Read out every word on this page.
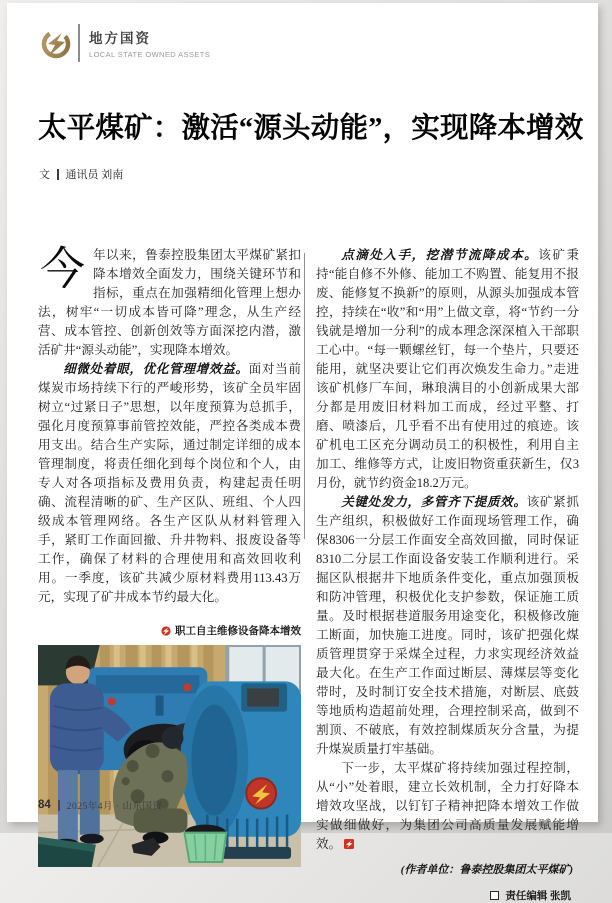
地方国资
LOCAL STATE OWNED ASSETS
太平煤矿：激活“源头动能”，实现降本增效
文 通讯员 刘南

今年以来，鲁泰控股集团太平煤矿紧扣降本增效全面发力，围绕关键环节和指标，重点在加强精细化管理上想办法，树牢“一切成本皆可降”理念，从生产经营、成本管控、创新创效等方面深挖内潜，激活矿井“源头动能”，实现降本增效。

细微处着眼，优化管理增效益。面对当前煤炭市场持续下行的严峻形势，该矿全员牢固树立“过紧日子”思想，以年度预算为总抓手，强化月度预算事前管控效能，严控各类成本费用支出。结合生产实际，通过制定详细的成本管理制度，将责任细化到每个岗位和个人，由专人对各项指标及费用负责，构建起责任明确、流程清晰的矿、生产区队、班组、个人四级成本管理网络。各生产区队从材料管理入手，紧盯工作面回撤、升井物料、报废设备等工作，确保了材料的合理使用和高效回收利用。一季度，该矿共减少原材料费用113.43万元，实现了矿井成本节约最大化。

职工自主维修设备降本增效

点滴处入手，挖潜节流降成本。该矿秉持“能自修不外修、能加工不购置、能复用不报废、能修复不换新”的原则，从源头加强成本管控，持续在“收”和“用”上做文章，将“节约一分钱就是增加一分利”的成本理念深深植入干部职工心中。“每一颗螺丝钉，每一个垫片，只要还能用，就坚决要让它们再次焕发生命力。”走进该矿机修厂车间，琳琅满目的小创新成果大部分都是用废旧材料加工而成，经过平整、打磨、喷漆后，几乎看不出有使用过的痕迹。该矿机电工区充分调动员工的积极性，利用自主加工、维修等方式，让废旧物资重获新生，仅3月份，就节约资金18.2万元。

关键处发力，多管齐下提质效。该矿紧抓生产组织，积极做好工作面现场管理工作，确保8306一分层工作面安全高效回撤，同时保证8310二分层工作面设备安装工作顺利进行。采掘区队根据井下地质条件变化，重点加强顶板和防冲管理，积极优化支护参数，保证施工质量。及时根据巷道服务用途变化，积极修改施工断面，加快施工进度。同时，该矿把强化煤质管理贯穿于采煤全过程，力求实现经济效益最大化。在生产工作面过断层、薄煤层等变化带时，及时制订安全技术措施，对断层、底鼓等地质构造超前处理，合理控制采高，做到不割顶、不破底，有效控制煤质灰分含量，为提升煤炭质量打牢基础。

下一步，太平煤矿将持续加强过程控制，从“小”处着眼，建立长效机制，全力打好降本增效攻坚战，以钉钉子精神把降本增效工作做实做细做好，为集团公司高质量发展赋能增效。

(作者单位：鲁泰控股集团太平煤矿)
责任编辑 张凯
84 2025年4月 · 山东国资
